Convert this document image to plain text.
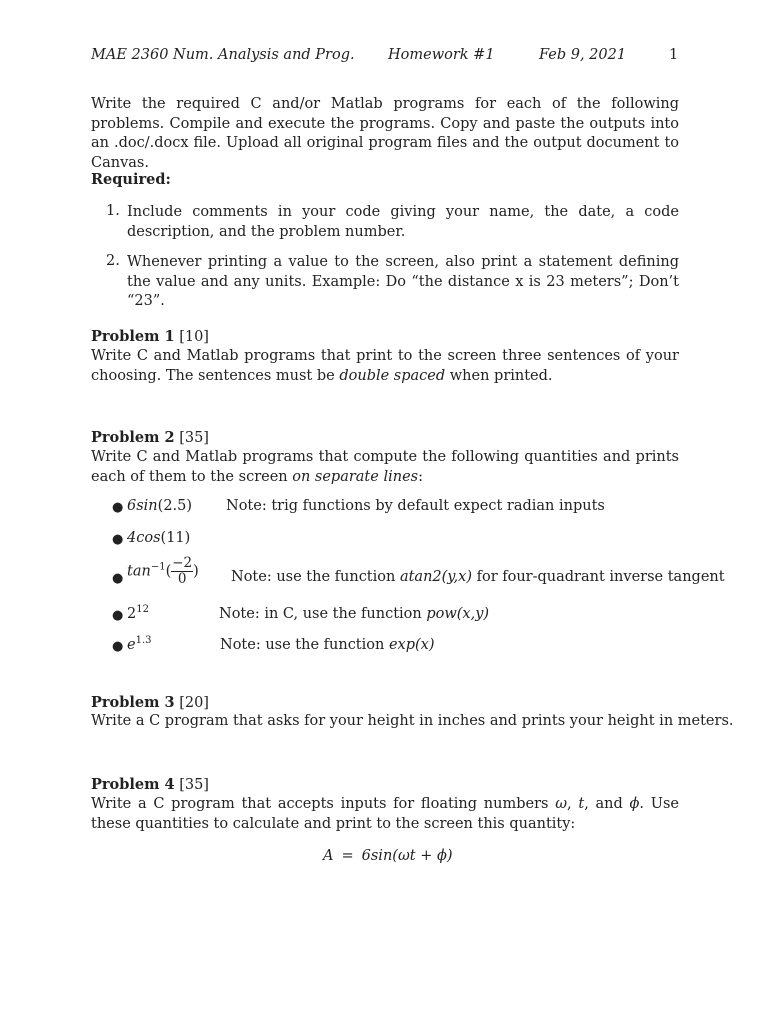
MAE 2360 Num. Analysis and Prog. Homework #1	Feb 9, 2021	1
Write the required C and/or Matlab programs for each of the following problems. Compile and execute the programs. Copy and paste the outputs into an .doc/.docx file. Upload all original program files and the output document to Canvas.
Required:
1. Include comments in your code giving your name, the date, a code description, and the problem number.
2. Whenever printing a value to the screen, also print a statement defining the value and any units. Example: Do “the distance x is 23 meters”; Don’t “23”.
Problem 1 [10]
Write C and Matlab programs that print to the screen three sentences of your choosing. The sentences must be double spaced when printed.
Problem 2 [35]
Write C and Matlab programs that compute the following quantities and prints each of them to the screen on separate lines:
● 6sin(2.5) Note: trig functions by default expect radian inputs
● 4cos(11)
● $\tan^{-1}( \frac{-2}{0}$ ) Note: use the function atan2(y,x) for four-quadrant inverse tangent
● $2^{12}$	Note: in C, use the function pow(x,y)
● $e^{1.3}$	Note: use the function exp(x)
Problem 3 [20]
Write a C program that asks for your height in inches and prints your height in meters.
Problem 4 [35]
Write a C program that accepts inputs for floating numbers ω, t, and ϕ. Use these quantities to calculate and print to the screen this quantity:
A = 6sin(ωt + ϕ)
